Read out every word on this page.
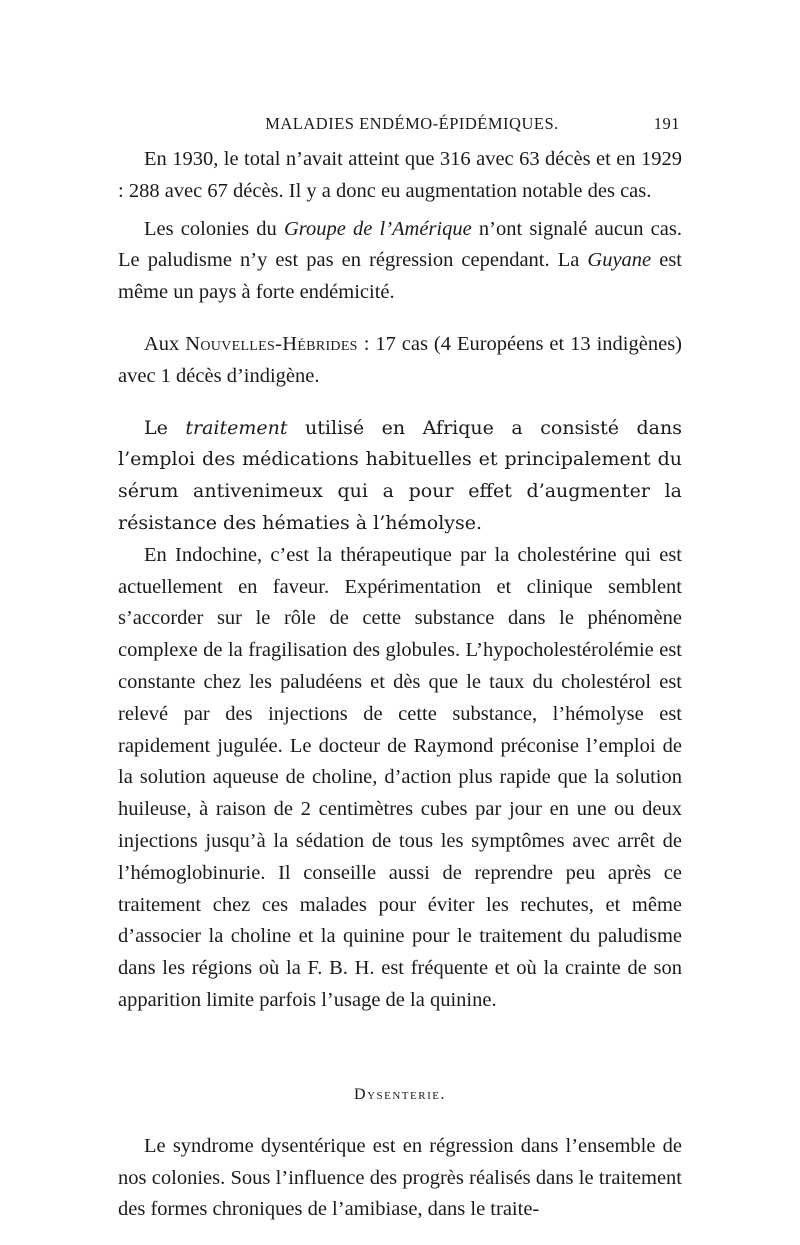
MALADIES ENDÉMO-ÉPIDÉMIQUES.	191

En 1930, le total n’avait atteint que 316 avec 63 décès et en 1929 : 288 avec 67 décès. Il y a donc eu augmentation notable des cas.

Les colonies du Groupe de l’Amérique n’ont signalé aucun cas. Le paludisme n’y est pas en régression cependant. La Guyane est même un pays à forte endémicité.

Aux Nouvelles-Hébrides : 17 cas (4 Européens et 13 indigènes) avec 1 décès d’indigène.

Le traitement utilisé en Afrique a consisté dans l’emploi des médications habituelles et principalement du sérum antivenimeux qui a pour effet d’augmenter la résistance des hématies à l’hémolyse.

En Indochine, c’est la thérapeutique par la cholestérine qui est actuellement en faveur. Expérimentation et clinique semblent s’accorder sur le rôle de cette substance dans le phénomène complexe de la fragilisation des globules. L’hypocholestérolémie est constante chez les paludéens et dès que le taux du cholestérol est relevé par des injections de cette substance, l’hémolyse est rapidement jugulée. Le docteur de Raymond préconise l’emploi de la solution aqueuse de choline, d’action plus rapide que la solution huileuse, à raison de 2 centimètres cubes par jour en une ou deux injections jusqu’à la sédation de tous les symptômes avec arrêt de l’hémoglobinurie. Il conseille aussi de reprendre peu après ce traitement chez ces malades pour éviter les rechutes, et même d’associer la choline et la quinine pour le traitement du paludisme dans les régions où la F. B. H. est fréquente et où la crainte de son apparition limite parfois l’usage de la quinine.

Dysenterie.

Le syndrome dysentérique est en régression dans l’ensemble de nos colonies. Sous l’influence des progrès réalisés dans le traitement des formes chroniques de l’amibiase, dans le traite-
